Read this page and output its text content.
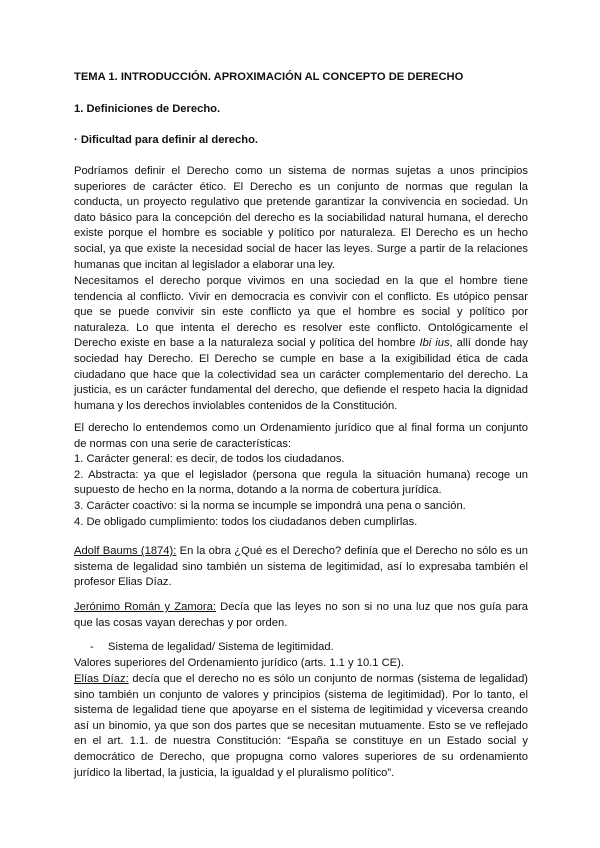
TEMA 1. INTRODUCCIÓN. APROXIMACIÓN AL CONCEPTO DE DERECHO
1. Definiciones de Derecho.
· Dificultad para definir al derecho.
Podríamos definir el Derecho como un sistema de normas sujetas a unos principios superiores de carácter ético. El Derecho es un conjunto de normas que regulan la conducta, un proyecto regulativo que pretende garantizar la convivencia en sociedad. Un dato básico para la concepción del derecho es la sociabilidad natural humana, el derecho existe porque el hombre es sociable y político por naturaleza. El Derecho es un hecho social, ya que existe la necesidad social de hacer las leyes. Surge a partir de la relaciones humanas que incitan al legislador a elaborar una ley.
Necesitamos el derecho porque vivimos en una sociedad en la que el hombre tiene tendencia al conflicto. Vivir en democracia es convivir con el conflicto. Es utópico pensar que se puede convivir sin este conflicto ya que el hombre es social y político por naturaleza. Lo que intenta el derecho es resolver este conflicto. Ontológicamente el Derecho existe en base a la naturaleza social y política del hombre Ibi ius, allí donde hay sociedad hay Derecho. El Derecho se cumple en base a la exigibilidad ética de cada ciudadano que hace que la colectividad sea un carácter complementario del derecho. La justicia, es un carácter fundamental del derecho, que defiende el respeto hacia la dignidad humana y los derechos inviolables contenidos de la Constitución.

El derecho lo entendemos como un Ordenamiento jurídico que al final forma un conjunto de normas con una serie de características:

1. Carácter general: es decir, de todos los ciudadanos.

2. Abstracta: ya que el legislador (persona que regula la situación humana) recoge un supuesto de hecho en la norma, dotando a la norma de cobertura jurídica.

3. Carácter coactivo: si la norma se incumple se impondrá una pena o sanción.

4. De obligado cumplimiento: todos los ciudadanos deben cumplirlas.

Adolf Baums (1874): En la obra ¿Qué es el Derecho? definía que el Derecho no sólo es un sistema de legalidad sino también un sistema de legitimidad, así lo expresaba también el profesor Elias Díaz.
Jerónimo Román y Zamora: Decía que las leyes no son si no una luz que nos guía para que las cosas vayan derechas y por orden.
- Sistema de legalidad/ Sistema de legitimidad.
Valores superiores del Ordenamiento jurídico (arts. 1.1 y 10.1 CE).
Elías Díaz: decía que el derecho no es sólo un conjunto de normas (sistema de legalidad) sino también un conjunto de valores y principios (sistema de legitimidad). Por lo tanto, el sistema de legalidad tiene que apoyarse en el sistema de legitimidad y viceversa creando así un binomio, ya que son dos partes que se necesitan mutuamente. Esto se ve reflejado en el art. 1.1. de nuestra Constitución: “España se constituye en un Estado social y democrático de Derecho, que propugna como valores superiores de su ordenamiento jurídico la libertad, la justicia, la igualdad y el pluralismo político”.
